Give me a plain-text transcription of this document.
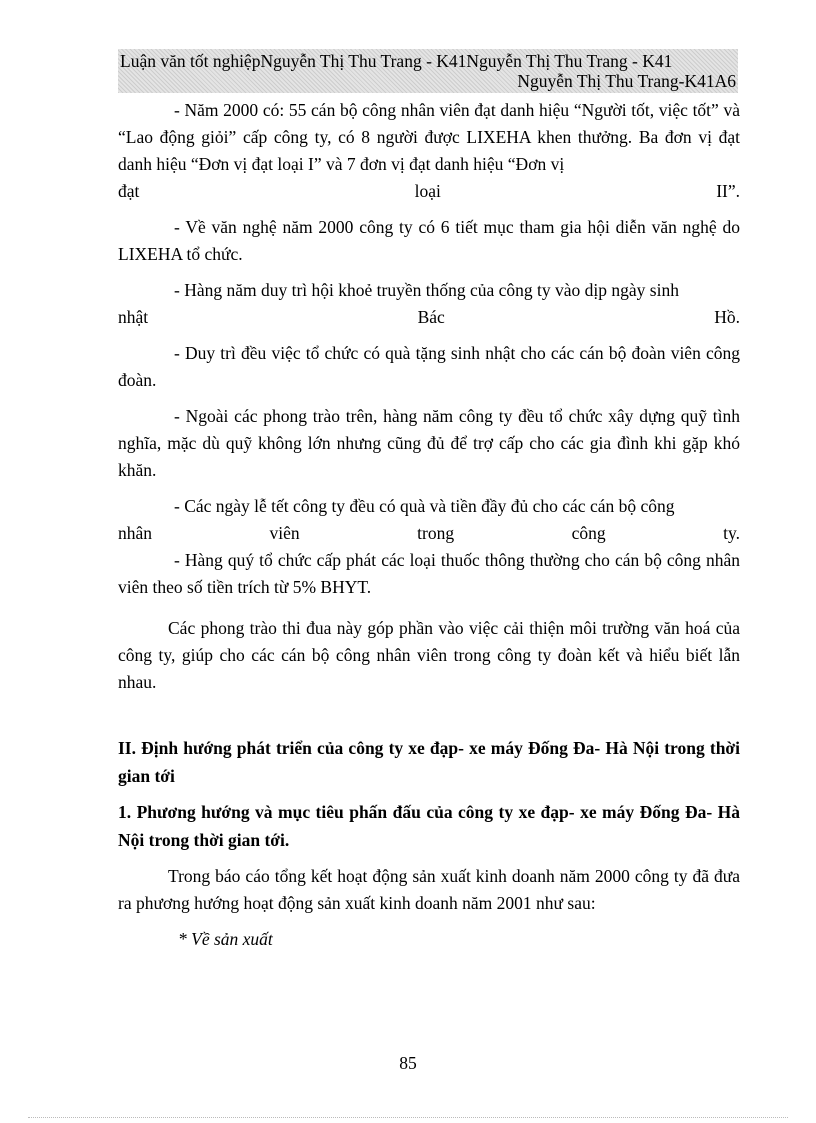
Luận văn tốt nghiệpNguyễn Thị Thu Trang - K41Nguyễn Thị Thu Trang - K41
Nguyễn Thị Thu Trang-K41A6

- Năm 2000 có: 55 cán bộ công nhân viên đạt danh hiệu “Người tốt, việc tốt” và “Lao động giỏi” cấp công ty, có 8 người được LIXEHA khen thưởng. Ba đơn vị đạt danh hiệu “Đơn vị đạt loại I” và 7 đơn vị đạt danh hiệu “Đơn vị

đạt loại II”.

- Về văn nghệ năm 2000 công ty có 6 tiết mục tham gia hội diễn văn nghệ do LIXEHA tổ chức.

- Hàng năm duy trì hội khoẻ truyền thống của công ty vào dịp ngày sinh

nhật Bác Hồ.

- Duy trì đều việc tổ chức có quà tặng sinh nhật cho các cán bộ đoàn viên công đoàn.

- Ngoài các phong trào trên, hàng năm công ty đều tổ chức xây dựng quỹ tình nghĩa, mặc dù quỹ không lớn nhưng cũng đủ để trợ cấp cho các gia đình khi gặp khó khăn.

- Các ngày lễ tết công ty đều có quà và tiền đầy đủ cho các cán bộ công

nhân viên trong công ty.

- Hàng quý tổ chức cấp phát các loại thuốc thông thường cho cán bộ công nhân viên theo số tiền trích từ 5% BHYT.

Các phong trào thi đua này góp phần vào việc cải thiện môi trường văn hoá của công ty, giúp cho các cán bộ công nhân viên trong công ty đoàn kết và hiểu biết lẫn nhau.

II. Định hướng phát triển của công ty xe đạp- xe máy Đống Đa- Hà Nội trong thời gian tới
1. Phương hướng và mục tiêu phấn đấu của công ty xe đạp- xe máy Đống Đa- Hà Nội trong thời gian tới.

Trong báo cáo tổng kết hoạt động sản xuất kinh doanh năm 2000 công ty đã đưa ra phương hướng hoạt động sản xuất kinh doanh năm 2001 như sau:

* Về sản xuất

85
